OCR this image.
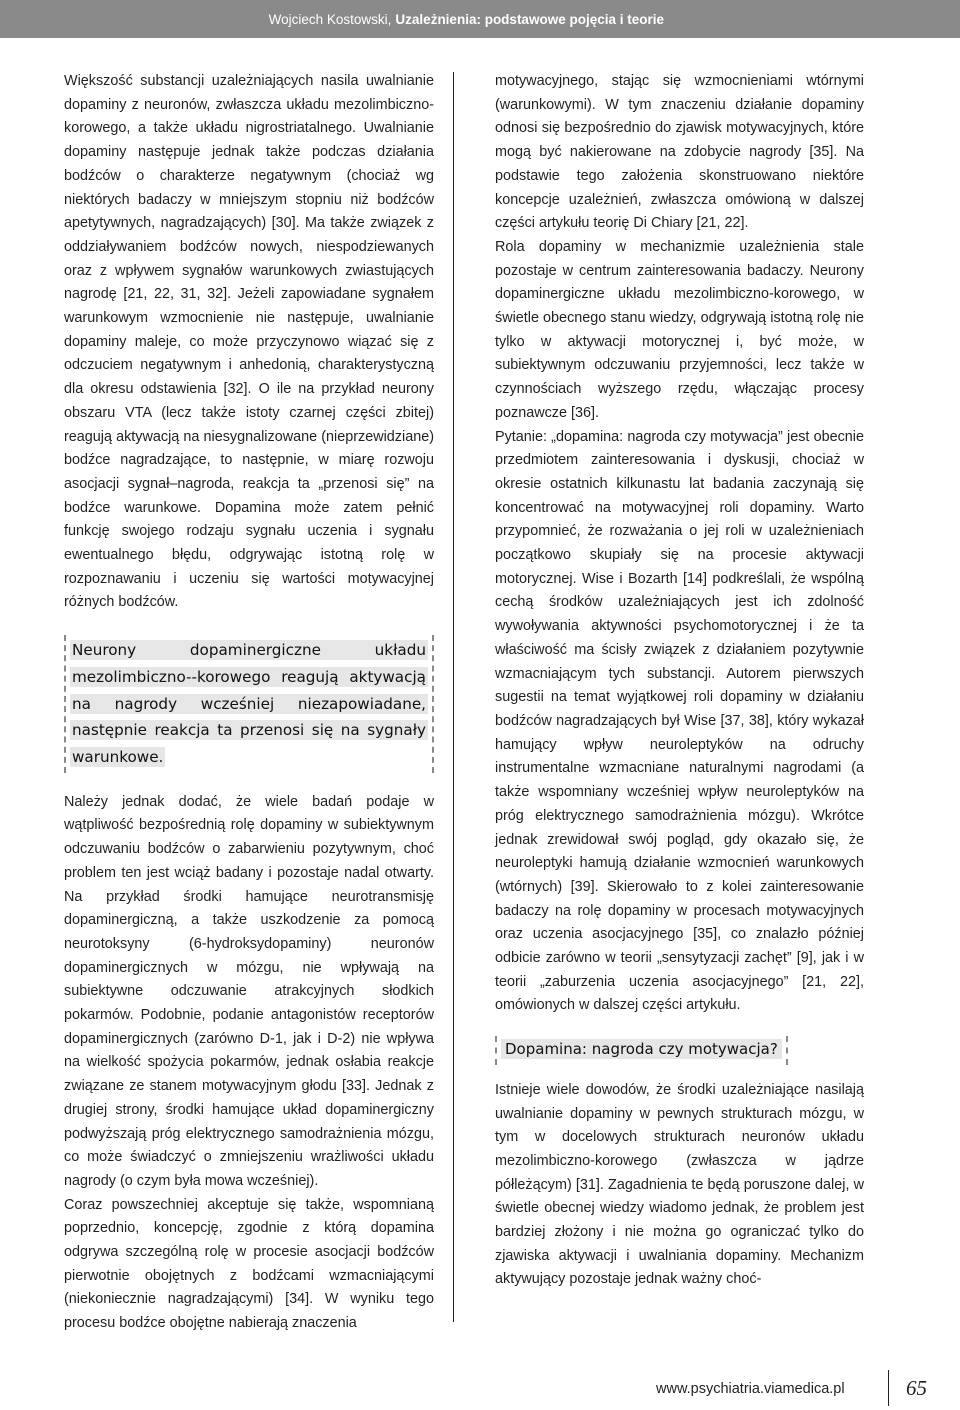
Wojciech Kostowski, Uzależnienia: podstawowe pojęcia i teorie

Większość substancji uzależniających nasila uwalnianie dopaminy z neuronów, zwłaszcza układu mezolimbiczno-korowego, a także układu nigrostriatalnego. Uwalnianie dopaminy następuje jednak także podczas działania bodźców o charakterze negatywnym (chociaż wg niektórych badaczy w mniejszym stopniu niż bodźców apetytywnych, nagradzających) [30]. Ma także związek z oddziaływaniem bodźców nowych, niespodziewanych oraz z wpływem sygnałów warunkowych zwiastujących nagrodę [21, 22, 31, 32]. Jeżeli zapowiadane sygnałem warunkowym wzmocnienie nie następuje, uwalnianie dopaminy maleje, co może przyczynowo wiązać się z odczuciem negatywnym i anhedonią, charakterystyczną dla okresu odstawienia [32]. O ile na przykład neurony obszaru VTA (lecz także istoty czarnej części zbitej) reagują aktywacją na niesygnalizowane (nieprzewidziane) bodźce nagradzające, to następnie, w miarę rozwoju asocjacji sygnał–nagroda, reakcja ta „przenosi się” na bodźce warunkowe. Dopamina może zatem pełnić funkcję swojego rodzaju sygnału uczenia i sygnału ewentualnego błędu, odgrywając istotną rolę w rozpoznawaniu i uczeniu się wartości motywacyjnej różnych bodźców.

Neurony dopaminergiczne układu mezolimbiczno--korowego reagują aktywacją na nagrody wcześniej niezapowiadane, następnie reakcja ta przenosi się na sygnały warunkowe.

Należy jednak dodać, że wiele badań podaje w wątpliwość bezpośrednią rolę dopaminy w subiektywnym odczuwaniu bodźców o zabarwieniu pozytywnym, choć problem ten jest wciąż badany i pozostaje nadal otwarty. Na przykład środki hamujące neurotransmisję dopaminergiczną, a także uszkodzenie za pomocą neurotoksyny (6-hydroksydopaminy) neuronów dopaminergicznych w mózgu, nie wpływają na subiektywne odczuwanie atrakcyjnych słodkich pokarmów. Podobnie, podanie antagonistów receptorów dopaminergicznych (zarówno D-1, jak i D-2) nie wpływa na wielkość spożycia pokarmów, jednak osłabia reakcje związane ze stanem motywacyjnym głodu [33]. Jednak z drugiej strony, środki hamujące układ dopaminergiczny podwyższają próg elektrycznego samodrażnienia mózgu, co może świadczyć o zmniejszeniu wrażliwości układu nagrody (o czym była mowa wcześniej).

Coraz powszechniej akceptuje się także, wspomnianą poprzednio, koncepcję, zgodnie z którą dopamina odgrywa szczególną rolę w procesie asocjacji bodźców pierwotnie obojętnych z bodźcami wzmacniającymi (niekoniecznie nagradzającymi) [34]. W wyniku tego procesu bodźce obojętne nabierają znaczenia

motywacyjnego, stając się wzmocnieniami wtórnymi (warunkowymi). W tym znaczeniu działanie dopaminy odnosi się bezpośrednio do zjawisk motywacyjnych, które mogą być nakierowane na zdobycie nagrody [35]. Na podstawie tego założenia skonstruowano niektóre koncepcje uzależnień, zwłaszcza omówioną w dalszej części artykułu teorię Di Chiary [21, 22].

Rola dopaminy w mechanizmie uzależnienia stale pozostaje w centrum zainteresowania badaczy. Neurony dopaminergiczne układu mezolimbiczno-korowego, w świetle obecnego stanu wiedzy, odgrywają istotną rolę nie tylko w aktywacji motorycznej i, być może, w subiektywnym odczuwaniu przyjemności, lecz także w czynnościach wyższego rzędu, włączając procesy poznawcze [36].

Pytanie: „dopamina: nagroda czy motywacja” jest obecnie przedmiotem zainteresowania i dyskusji, chociaż w okresie ostatnich kilkunastu lat badania zaczynają się koncentrować na motywacyjnej roli dopaminy. Warto przypomnieć, że rozważania o jej roli w uzależnieniach początkowo skupiały się na procesie aktywacji motorycznej. Wise i Bozarth [14] podkreślali, że wspólną cechą środków uzależniających jest ich zdolność wywoływania aktywności psychomotorycznej i że ta właściwość ma ścisły związek z działaniem pozytywnie wzmacniającym tych substancji. Autorem pierwszych sugestii na temat wyjątkowej roli dopaminy w działaniu bodźców nagradzających był Wise [37, 38], który wykazał hamujący wpływ neuroleptyków na odruchy instrumentalne wzmacniane naturalnymi nagrodami (a także wspomniany wcześniej wpływ neuroleptyków na próg elektrycznego samodrażnienia mózgu). Wkrótce jednak zrewidował swój pogląd, gdy okazało się, że neuroleptyki hamują działanie wzmocnień warunkowych (wtórnych) [39]. Skierowało to z kolei zainteresowanie badaczy na rolę dopaminy w procesach motywacyjnych oraz uczenia asocjacyjnego [35], co znalazło później odbicie zarówno w teorii „sensytyzacji zachęt” [9], jak i w teorii „zaburzenia uczenia asocjacyjnego” [21, 22], omówionych w dalszej części artykułu.

Dopamina: nagroda czy motywacja?

Istnieje wiele dowodów, że środki uzależniające nasilają uwalnianie dopaminy w pewnych strukturach mózgu, w tym w docelowych strukturach neuronów układu mezolimbiczno-korowego (zwłaszcza w jądrze półleżącym) [31]. Zagadnienia te będą poruszone dalej, w świetle obecnej wiedzy wiadomo jednak, że problem jest bardziej złożony i nie można go ograniczać tylko do zjawiska aktywacji i uwalniania dopaminy. Mechanizm aktywujący pozostaje jednak ważny choć-

www.psychiatria.viamedica.pl	65
